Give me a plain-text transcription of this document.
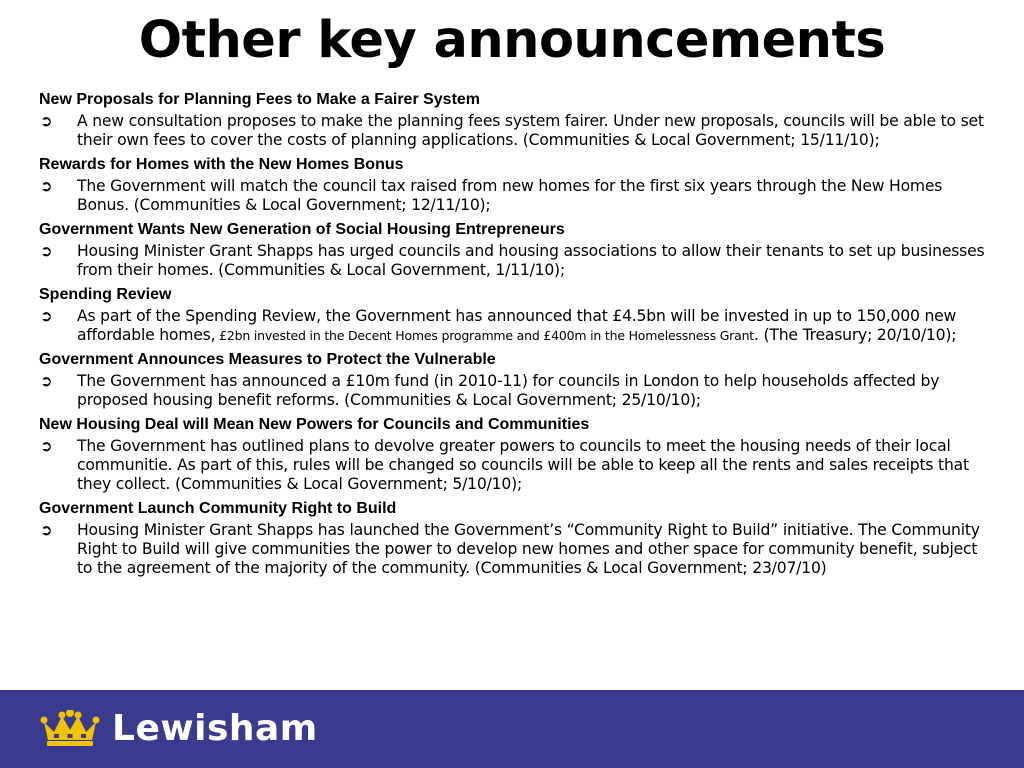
Other key announcements

New Proposals for Planning Fees to Make a Fairer System

➲ A new consultation proposes to make the planning fees system fairer. Under new proposals, councils will be able to set their own fees to cover the costs of planning applications. (Communities & Local Government; 15/11/10);

Rewards for Homes with the New Homes Bonus

➲ The Government will match the council tax raised from new homes for the first six years through the New Homes Bonus. (Communities & Local Government; 12/11/10);

Government Wants New Generation of Social Housing Entrepreneurs

➲ Housing Minister Grant Shapps has urged councils and housing associations to allow their tenants to set up businesses from their homes. (Communities & Local Government, 1/11/10);

Spending Review

➲ As part of the Spending Review, the Government has announced that £4.5bn will be invested in up to 150,000 new affordable homes, £2bn invested in the Decent Homes programme and £400m in the Homelessness Grant. (The Treasury; 20/10/10);

Government Announces Measures to Protect the Vulnerable

➲ The Government has announced a £10m fund (in 2010-11) for councils in London to help households affected by proposed housing benefit reforms. (Communities & Local Government; 25/10/10);

New Housing Deal will Mean New Powers for Councils and Communities

➲ The Government has outlined plans to devolve greater powers to councils to meet the housing needs of their local communitie. As part of this, rules will be changed so councils will be able to keep all the rents and sales receipts that they collect. (Communities & Local Government; 5/10/10);

Government Launch Community Right to Build

➲ Housing Minister Grant Shapps has launched the Government’s “Community Right to Build” initiative. The Community Right to Build will give communities the power to develop new homes and other space for community benefit, subject to the agreement of the majority of the community. (Communities & Local Government; 23/07/10)

Lewisham
